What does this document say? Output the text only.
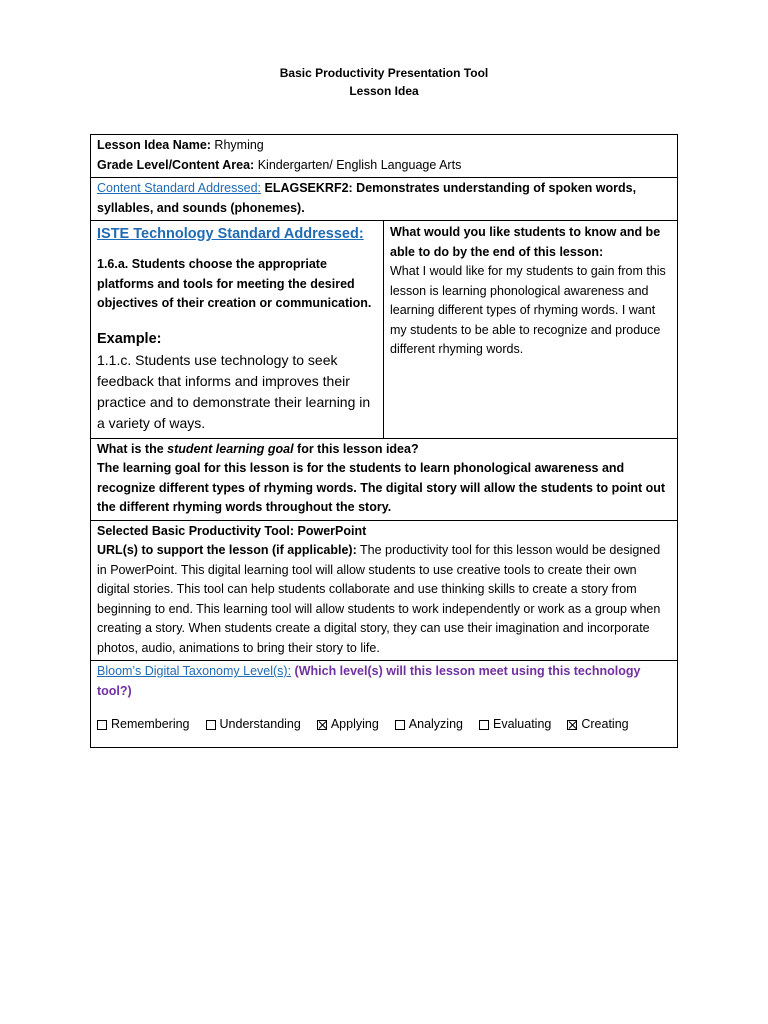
Basic Productivity Presentation Tool
Lesson Idea
Lesson Idea Name: Rhyming
Grade Level/Content Area: Kindergarten/ English Language Arts
Content Standard Addressed: ELAGSEKRF2: Demonstrates understanding of spoken words, syllables, and sounds (phonemes).
ISTE Technology Standard Addressed:
1.6.a. Students choose the appropriate platforms and tools for meeting the desired objectives of their creation or communication.
Example:
1.1.c. Students use technology to seek feedback that informs and improves their practice and to demonstrate their learning in a variety of ways.
What would you like students to know and be able to do by the end of this lesson:
What I would like for my students to gain from this lesson is learning phonological awareness and learning different types of rhyming words. I want my students to be able to recognize and produce different rhyming words.
What is the student learning goal for this lesson idea?
The learning goal for this lesson is for the students to learn phonological awareness and recognize different types of rhyming words. The digital story will allow the students to point out the different rhyming words throughout the story.
Selected Basic Productivity Tool: PowerPoint
URL(s) to support the lesson (if applicable): The productivity tool for this lesson would be designed in PowerPoint. This digital learning tool will allow students to use creative tools to create their own digital stories. This tool can help students collaborate and use thinking skills to create a story from beginning to end. This learning tool will allow students to work independently or work as a group when creating a story. When students create a digital story, they can use their imagination and incorporate photos, audio, animations to bring their story to life.
Bloom’s Digital Taxonomy Level(s): (Which level(s) will this lesson meet using this technology tool?)
Remembering Understanding Applying Analyzing Evaluating Creating
